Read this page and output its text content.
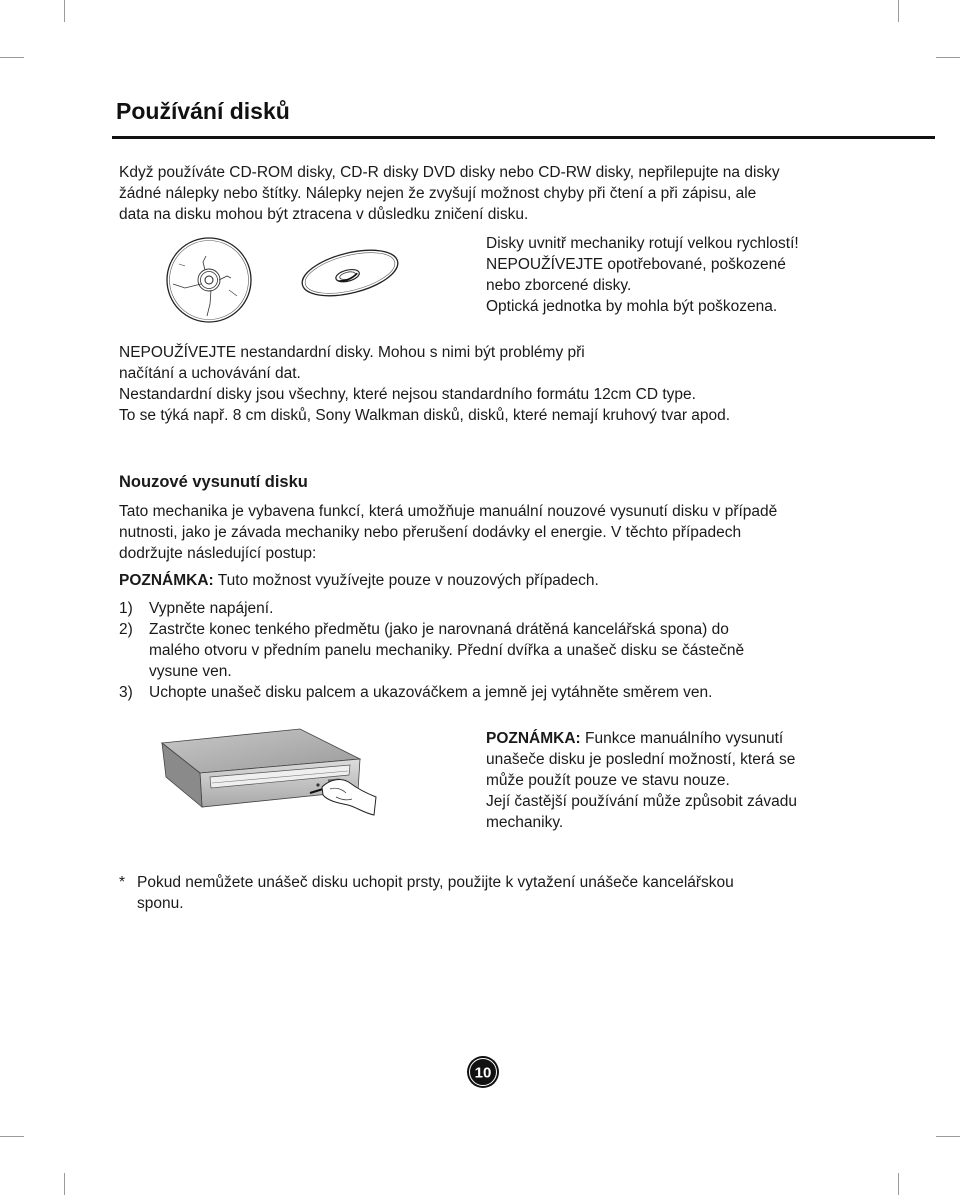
Používání disků
Když používáte CD-ROM disky, CD-R disky DVD disky nebo CD-RW disky, nepřilepujte na disky
žádné nálepky nebo štítky. Nálepky nejen že zvyšují možnost chyby při čtení a při zápisu, ale
data na disku mohou být ztracena v důsledku zničení disku.
Disky uvnitř mechaniky rotují velkou rychlostí!
NEPOUŽÍVEJTE opotřebované, poškozené
nebo zborcené disky.
Optická jednotka by mohla být poškozena.
NEPOUŽÍVEJTE nestandardní disky. Mohou s nimi být problémy při
načítání a uchovávání dat.
Nestandardní disky jsou všechny, které nejsou standardního formátu 12cm CD type.
To se týká např. 8 cm disků, Sony Walkman disků, disků, které nemají kruhový tvar apod.
Nouzové vysunutí disku
Tato mechanika je vybavena funkcí, která umožňuje manuální nouzové vysunutí disku v případě
nutnosti, jako je závada mechaniky nebo přerušení dodávky el energie. V těchto případech
dodržujte následující postup:
POZNÁMKA: Tuto možnost využívejte pouze v nouzových případech.
1) Vypněte napájení.
2) Zastrčte konec tenkého předmětu (jako je narovnaná drátěná kancelářská spona) do
malého otvoru v předním panelu mechaniky. Přední dvířka a unašeč disku se částečně
vysune ven.
3) Uchopte unašeč disku palcem a ukazováčkem a jemně jej vytáhněte směrem ven.
POZNÁMKA: Funkce manuálního vysunutí
unašeče disku je poslední možností, která se
může použít pouze ve stavu nouze.
Její častější používání může způsobit závadu
mechaniky.
* Pokud nemůžete unášeč disku uchopit prsty, použijte k vytažení unášeče kancelářskou
sponu.
10
